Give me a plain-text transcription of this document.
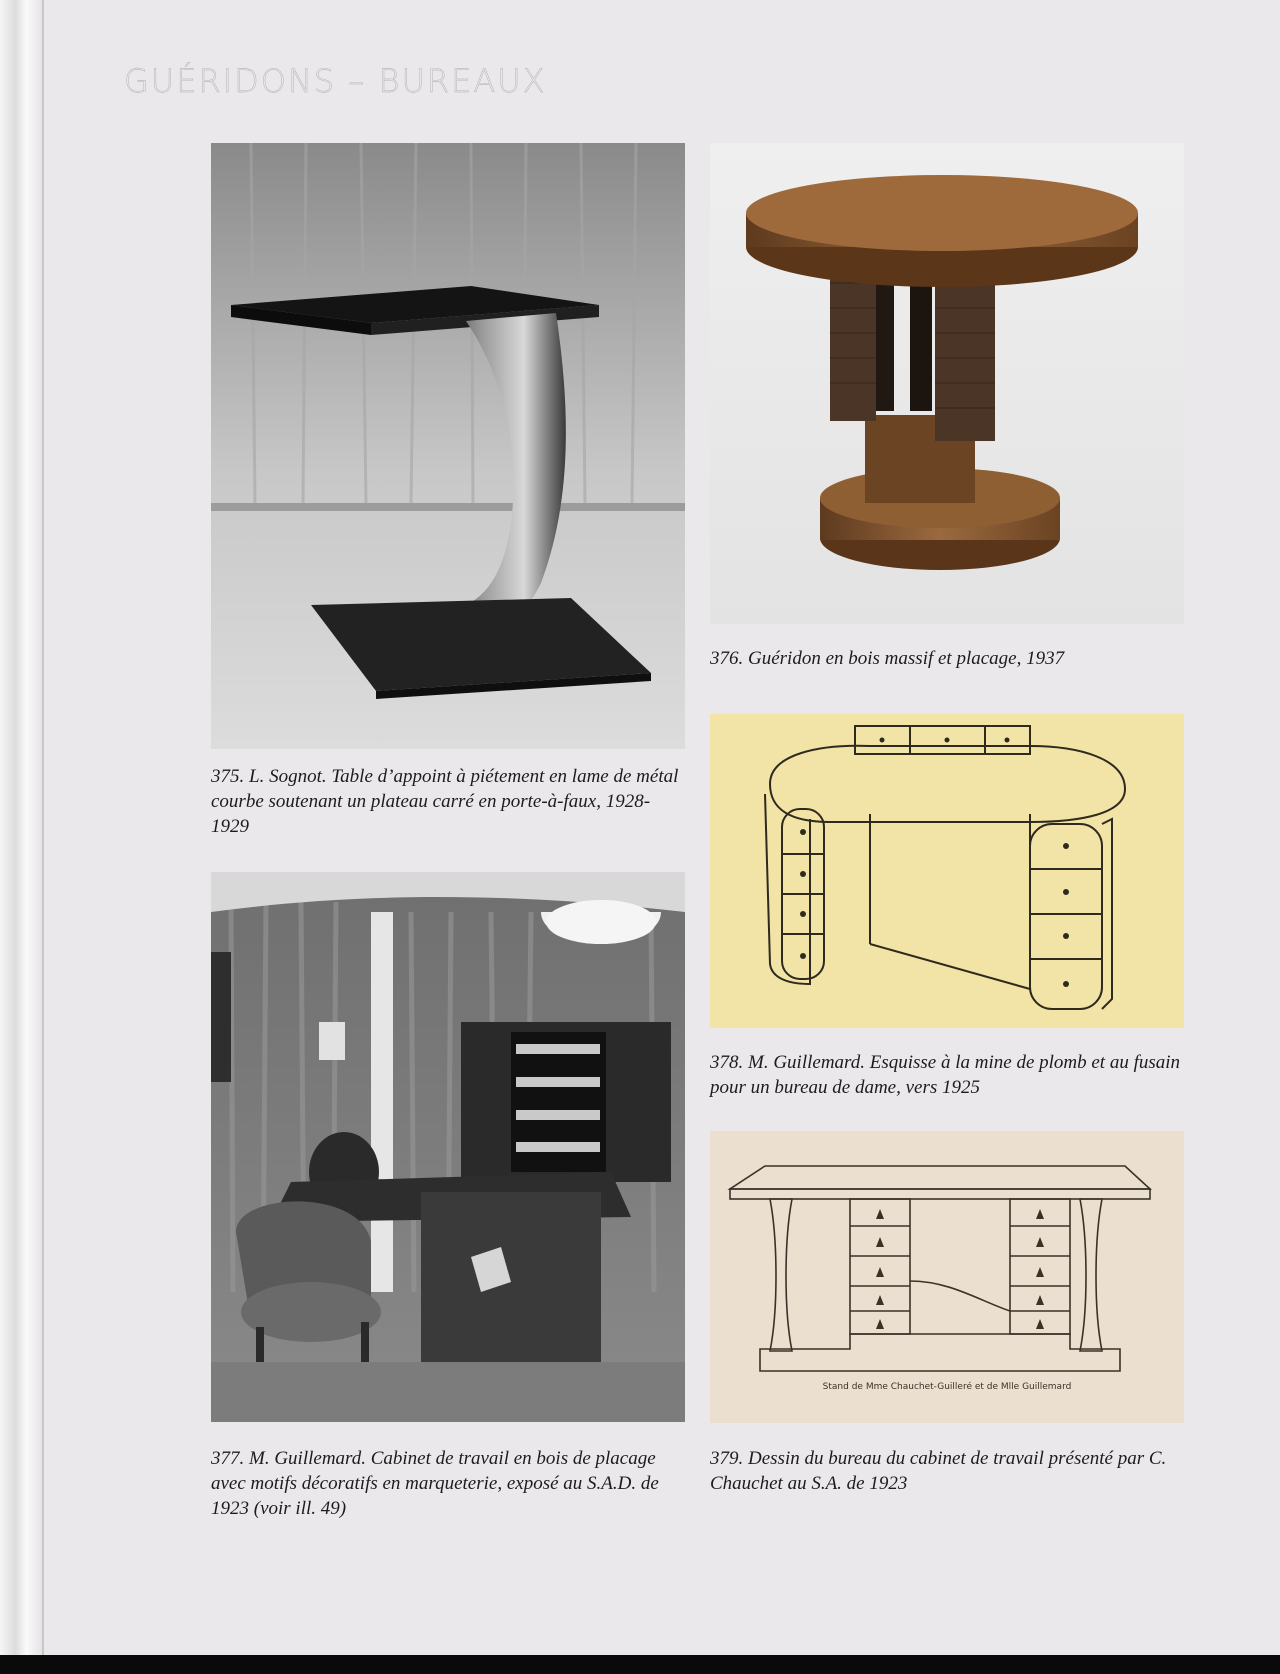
GUÉRIDONS – BUREAUX
375. L. Sognot. Table d’appoint à piétement en lame de métal courbe soutenant un plateau carré en porte-à-faux, 1928-1929
376. Guéridon en bois massif et placage, 1937
378. M. Guillemard. Esquisse à la mine de plomb et au fusain pour un bureau de dame, vers 1925
377. M. Guillemard. Cabinet de travail en bois de placage avec motifs décoratifs en marqueterie, exposé au S.A.D. de 1923 (voir ill. 49)
Stand de Mme Chauchet-Guilleré et de Mlle Guillemard
379. Dessin du bureau du cabinet de travail présenté par C. Chauchet au S.A. de 1923
